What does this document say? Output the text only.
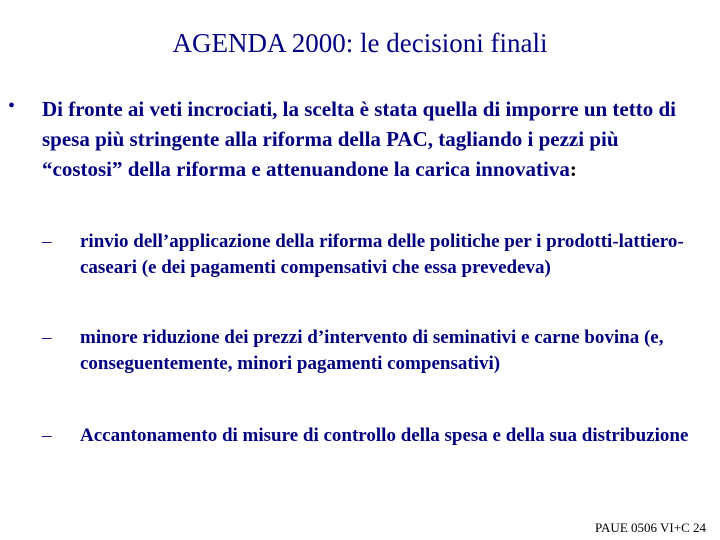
AGENDA 2000: le decisioni finali
•	Di fronte ai veti incrociati, la scelta è stata quella di imporre un tetto di spesa più stringente alla riforma della PAC, tagliando i pezzi più “costosi” della riforma e attenuandone la carica innovativa:
–	rinvio dell’applicazione della riforma delle politiche per i prodotti-lattiero-caseari (e dei pagamenti compensativi che essa prevedeva)
–	minore riduzione dei prezzi d’intervento di seminativi e carne bovina (e, conseguentemente, minori pagamenti compensativi)
–	Accantonamento di misure di controllo della spesa e della sua distribuzione
PAUE 0506 VI+C 24
